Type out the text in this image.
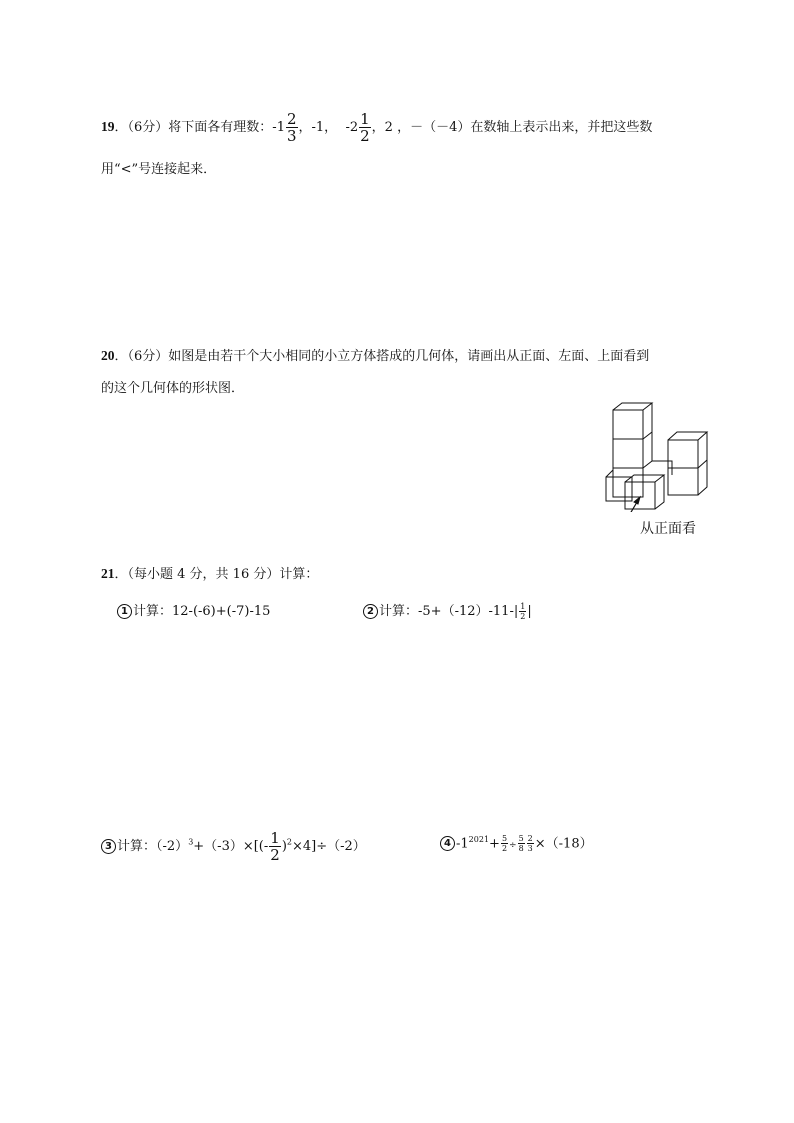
19．（6分）将下面各有理数：$-1 \frac{2}{3}$ ，-1， $-2 \frac{1}{2}$ ，2 ，－（－4）在数轴上表示出来，并把这些数
用“<”号连接起来．
20．（6分）如图是由若干个大小相同的小立方体搭成的几何体，请画出从正面、左面、上面看到
的这个几何体的形状图．
从正面看
21．（每小题 4 分，共 16 分）计算：
1 计算：12-(-6)+(-7)-15	2 计算：$-5+(-12)-11-| \frac{1}{2}$ |
3 计算：$(-2)^3+(-3)\times[(- \frac{1}{2} )^2\times 4]\div(-2)$	4 $-1^{2021}+ \frac{5}{2} \div \frac{5}{8} \frac{2}{3} \times(-18)$
